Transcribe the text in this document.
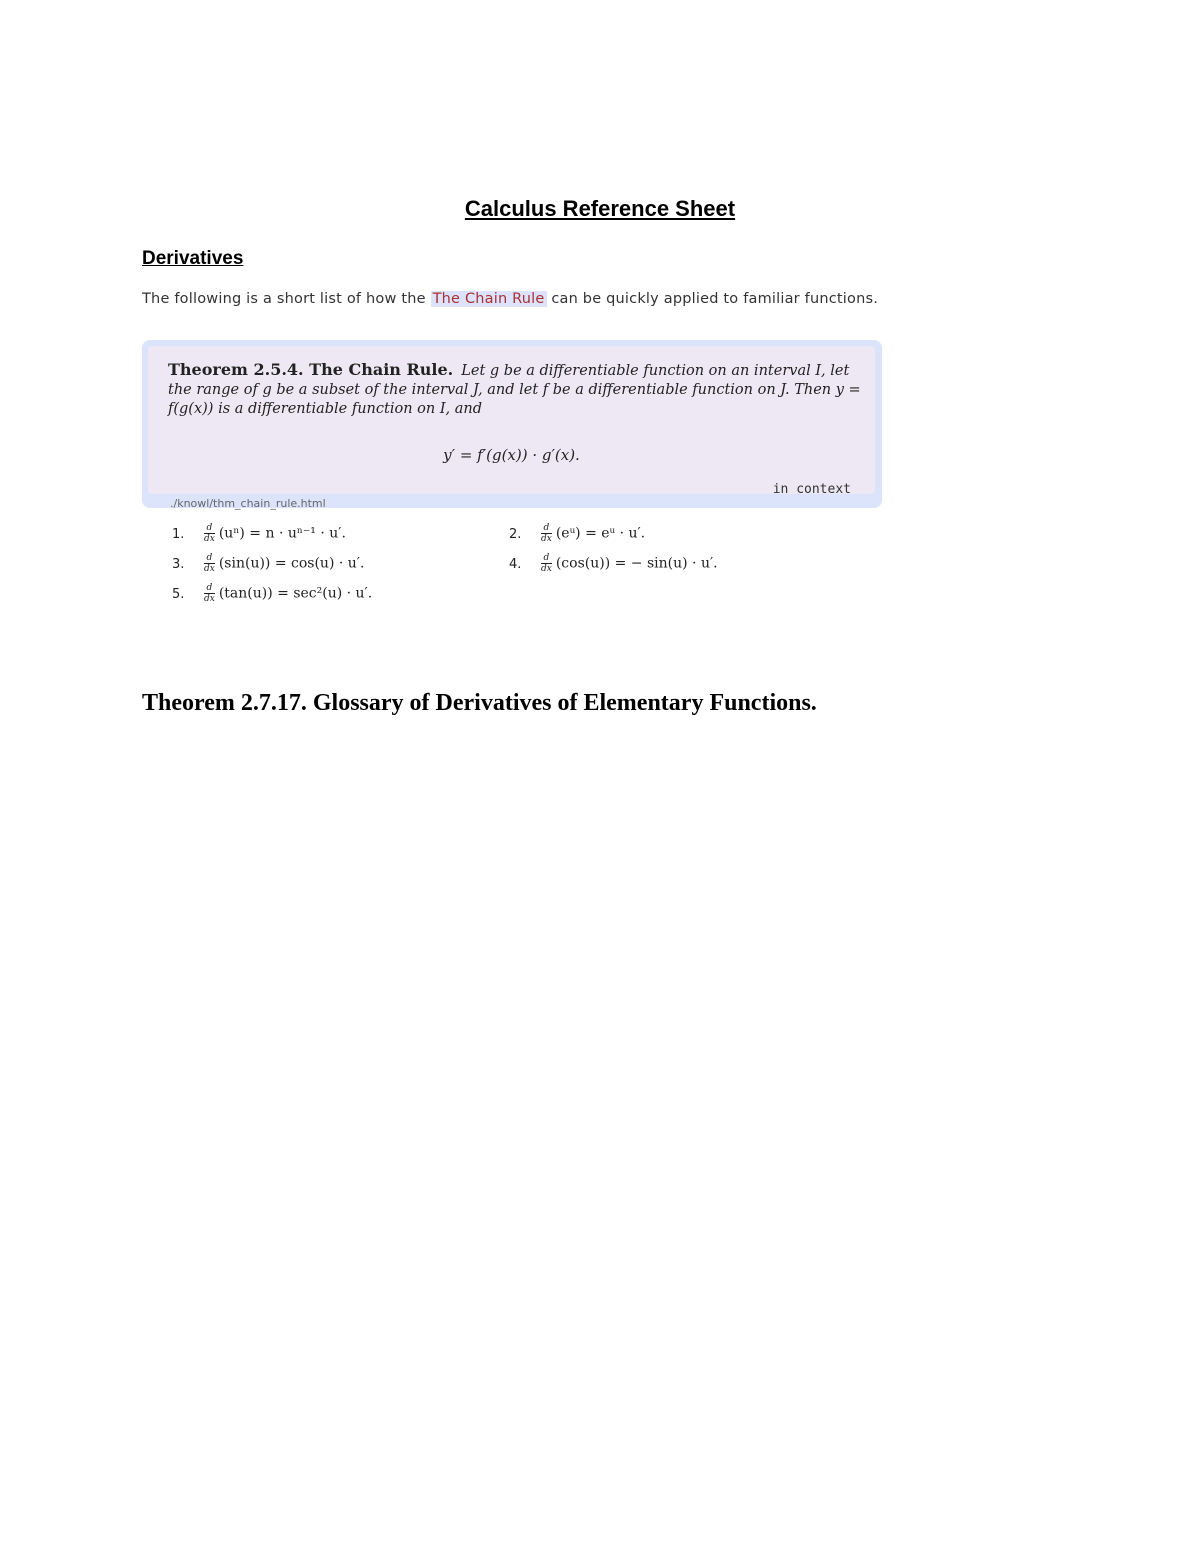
Calculus Reference Sheet
Derivatives
The following is a short list of how the The Chain Rule can be quickly applied to familiar functions.
Theorem 2.5.4. The Chain Rule. Let g be a differentiable function on an interval I, let the range of g be a subset of the interval J, and let f be a differentiable function on J. Then y = f(g(x)) is a differentiable function on I, and
y′ = f′(g(x)) · g′(x).
in context
./knowl/thm_chain_rule.html
1. $\frac{d}{dx} (u^n) = n \cdot u^{n-1} \cdot u'$.	2. $\frac{d}{dx}$ (eᵘ) = eᵘ · u′.
3. $\frac{d}{dx} (\sin(u)) = \cos(u) \cdot u'$.	4. $\frac{d}{dx} (\cos(u))$ = − sin(u) · u′.
5. $\frac{d}{dx} (\tan(u)) = \sec^2(u) \cdot u'$.
Theorem 2.7.17. Glossary of Derivatives of Elementary Functions.
